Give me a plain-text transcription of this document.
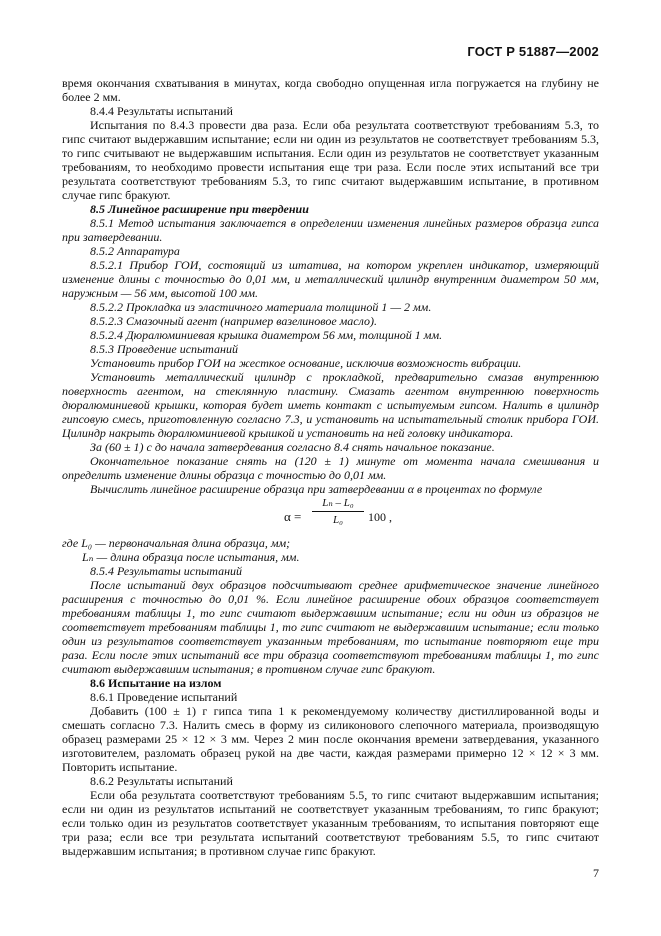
ГОСТ Р 51887—2002

время окончания схватывания в минутах, когда свободно опущенная игла погружается на глубину не более 2 мм.

8.4.4 Результаты испытаний

Испытания по 8.4.3 провести два раза. Если оба результата соответствуют требованиям 5.3, то гипс считают выдержавшим испытание; если ни один из результатов не соответствует требованиям 5.3, то гипс считывают не выдержавшим испытания. Если один из результатов не соответствует указанным требованиям, то необходимо провести испытания еще три раза. Если после этих испытаний все три результата соответствуют требованиям 5.3, то гипс считают выдержавшим испытание, в противном случае гипс бракуют.

8.5 Линейное расширение при твердении

8.5.1 Метод испытания заключается в определении изменения линейных размеров образца гипса при затвердевании.

8.5.2 Аппаратура

8.5.2.1 Прибор ГОИ, состоящий из штатива, на котором укреплен индикатор, измеряющий изменение длины с точностью до 0,01 мм, и металлический цилиндр внутренним диаметром 50 мм, наружным — 56 мм, высотой 100 мм.

8.5.2.2 Прокладка из эластичного материала толщиной 1 — 2 мм.

8.5.2.3 Смазочный агент (например вазелиновое масло).

8.5.2.4 Дюралюминиевая крышка диаметром 56 мм, толщиной 1 мм.

8.5.3 Проведение испытаний

Установить прибор ГОИ на жесткое основание, исключив возможность вибрации.

Установить металлический цилиндр с прокладкой, предварительно смазав внутреннюю поверхность агентом, на стеклянную пластину. Смазать агентом внутреннюю поверхность дюралюминиевой крышки, которая будет иметь контакт с испытуемым гипсом. Налить в цилиндр гипсовую смесь, приготовленную согласно 7.3, и установить на испытательный столик прибора ГОИ. Цилиндр накрыть дюралюминиевой крышкой и установить на ней головку индикатора.

За (60 ± 1) с до начала затвердевания согласно 8.4 снять начальное показание.

Окончательное показание снять на (120 ± 1) минуте от момента начала смешивания и определить изменение длины образца с точностью до 0,01 мм.

Вычислить линейное расширение образца при затвердевании α в процентах по формуле

$\alpha = \frac{\text{Lₙ – L₀}}{\text{L₀}} 100$ ,

где L₀ — первоначальная длина образца, мм;

Lₙ — длина образца после испытания, мм.

8.5.4 Результаты испытаний

После испытаний двух образцов подсчитывают среднее арифметическое значение линейного расширения с точностью до 0,01 %. Если линейное расширение обоих образцов соответствует требованиям таблицы 1, то гипс считают выдержавшим испытание; если ни один из образцов не соответствует требованиям таблицы 1, то гипс считают не выдержавшим испытание; если только один из результатов соответствует указанным требованиям, то испытание повторяют еще три раза. Если после этих испытаний все три образца соответствуют требованиям таблицы 1, то гипс считают выдержавшим испытания; в противном случае гипс бракуют.

8.6 Испытание на излом

8.6.1 Проведение испытаний

Добавить (100 ± 1) г гипса типа 1 к рекомендуемому количеству дистиллированной воды и смешать согласно 7.3. Налить смесь в форму из силиконового слепочного материала, производящую образец размерами 25 × 12 × 3 мм. Через 2 мин после окончания времени затвердевания, указанного изготовителем, разломать образец рукой на две части, каждая размерами примерно 12 × 12 × 3 мм. Повторить испытание.

8.6.2 Результаты испытаний

Если оба результата соответствуют требованиям 5.5, то гипс считают выдержавшим испытания; если ни один из результатов испытаний не соответствует указанным требованиям, то гипс бракуют; если только один из результатов соответствует указанным требованиям, то испытания повторяют еще три раза; если все три результата испытаний соответствуют требованиям 5.5, то гипс считают выдержавшим испытания; в противном случае гипс бракуют.

7
